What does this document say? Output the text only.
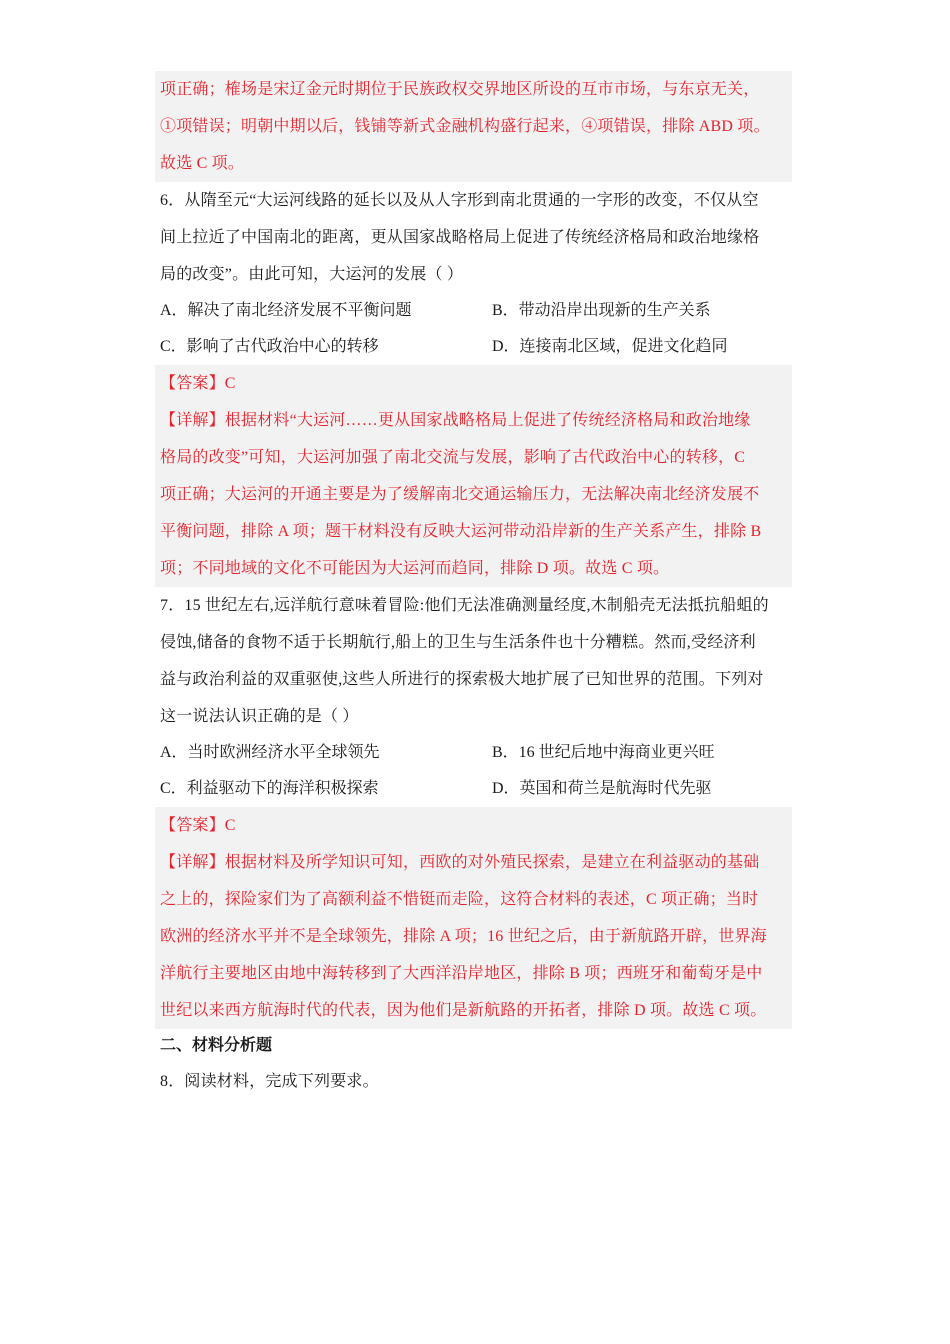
项正确；榷场是宋辽金元时期位于民族政权交界地区所设的互市市场，与东京无关，
①项错误；明朝中期以后，钱铺等新式金融机构盛行起来，④项错误，排除 ABD 项。
故选 C 项。
6．从隋至元“大运河线路的延长以及从人字形到南北贯通的一字形的改变，不仅从空
间上拉近了中国南北的距离，更从国家战略格局上促进了传统经济格局和政治地缘格
局的改变”。由此可知，大运河的发展（ ）
A．解决了南北经济发展不平衡问题	B．带动沿岸出现新的生产关系
C．影响了古代政治中心的转移	D．连接南北区域，促进文化趋同
【答案】C
【详解】根据材料“大运河……更从国家战略格局上促进了传统经济格局和政治地缘
格局的改变”可知，大运河加强了南北交流与发展，影响了古代政治中心的转移，C
项正确；大运河的开通主要是为了缓解南北交通运输压力，无法解决南北经济发展不
平衡问题，排除 A 项；题干材料没有反映大运河带动沿岸新的生产关系产生，排除 B
项；不同地域的文化不可能因为大运河而趋同，排除 D 项。故选 C 项。
7．15 世纪左右,远洋航行意味着冒险:他们无法准确测量经度,木制船壳无法抵抗船蛆的
侵蚀,储备的食物不适于长期航行,船上的卫生与生活条件也十分糟糕。然而,受经济利
益与政治利益的双重驱使,这些人所进行的探索极大地扩展了已知世界的范围。下列对
这一说法认识正确的是（ ）
A．当时欧洲经济水平全球领先	B．16 世纪后地中海商业更兴旺
C．利益驱动下的海洋积极探索	D．英国和荷兰是航海时代先驱
【答案】C
【详解】根据材料及所学知识可知，西欧的对外殖民探索，是建立在利益驱动的基础
之上的，探险家们为了高额利益不惜铤而走险，这符合材料的表述，C 项正确；当时
欧洲的经济水平并不是全球领先，排除 A 项；16 世纪之后，由于新航路开辟，世界海
洋航行主要地区由地中海转移到了大西洋沿岸地区，排除 B 项；西班牙和葡萄牙是中
世纪以来西方航海时代的代表，因为他们是新航路的开拓者，排除 D 项。故选 C 项。
二、材料分析题
8．阅读材料，完成下列要求。
